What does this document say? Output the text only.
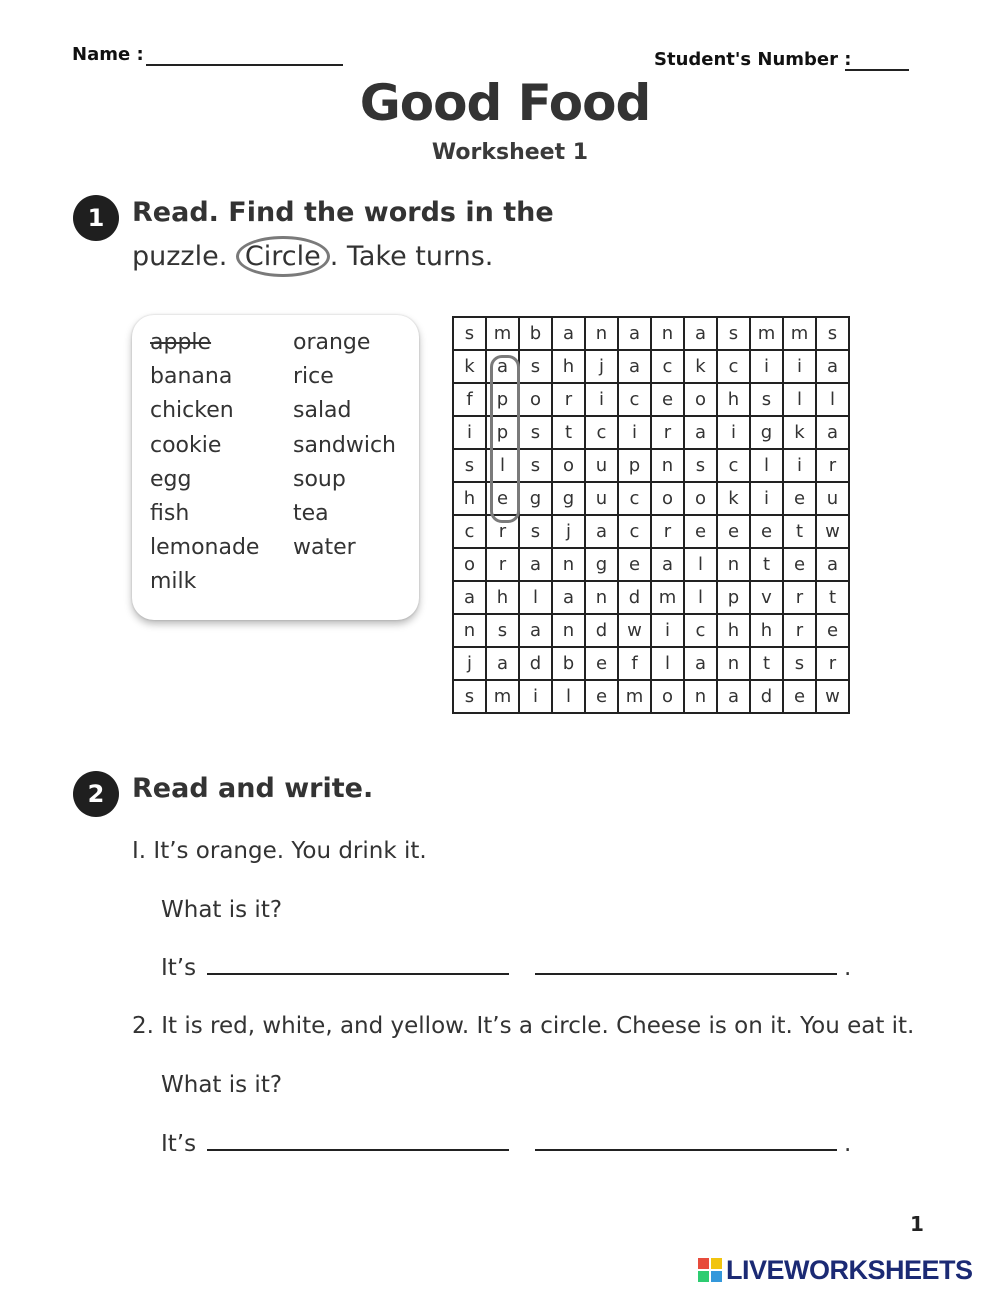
Name :	Student's Number :
Good Food
Worksheet 1
1	Read. Find the words in the
puzzle. Circle . Take turns.
apple
banana
chicken
cookie
egg
fish
lemonade
milk
orange
rice
salad
sandwich
soup
tea
water
s	m	b	a	n	a	n	a	s	m	m	s
k	a	s	h	j	a	c	k	c	i	i	a
f	p	o	r	i	c	e	o	h	s	l	l
i	p	s	t	c	i	r	a	i	g	k	a
s	l	s	o	u	p	n	s	c	l	i	r
h	e	g	g	u	c	o	o	k	i	e	u
c	r	s	j	a	c	r	e	e	e	t	w
o	r	a	n	g	e	a	l	n	t	e	a
a	h	l	a	n	d	m	l	p	v	r	t
n	s	a	n	d	w	i	c	h	h	r	e
j	a	d	b	e	f	l	a	n	t	s	r
s	m	i	l	e	m	o	n	a	d	e	w
2	Read and write.
I. It’s orange. You drink it.
What is it?
It’s	.
2. It is red, white, and yellow. It’s a circle. Cheese is on it. You eat it.
What is it?
It’s	.
1
LIVEWORKSHEETS
